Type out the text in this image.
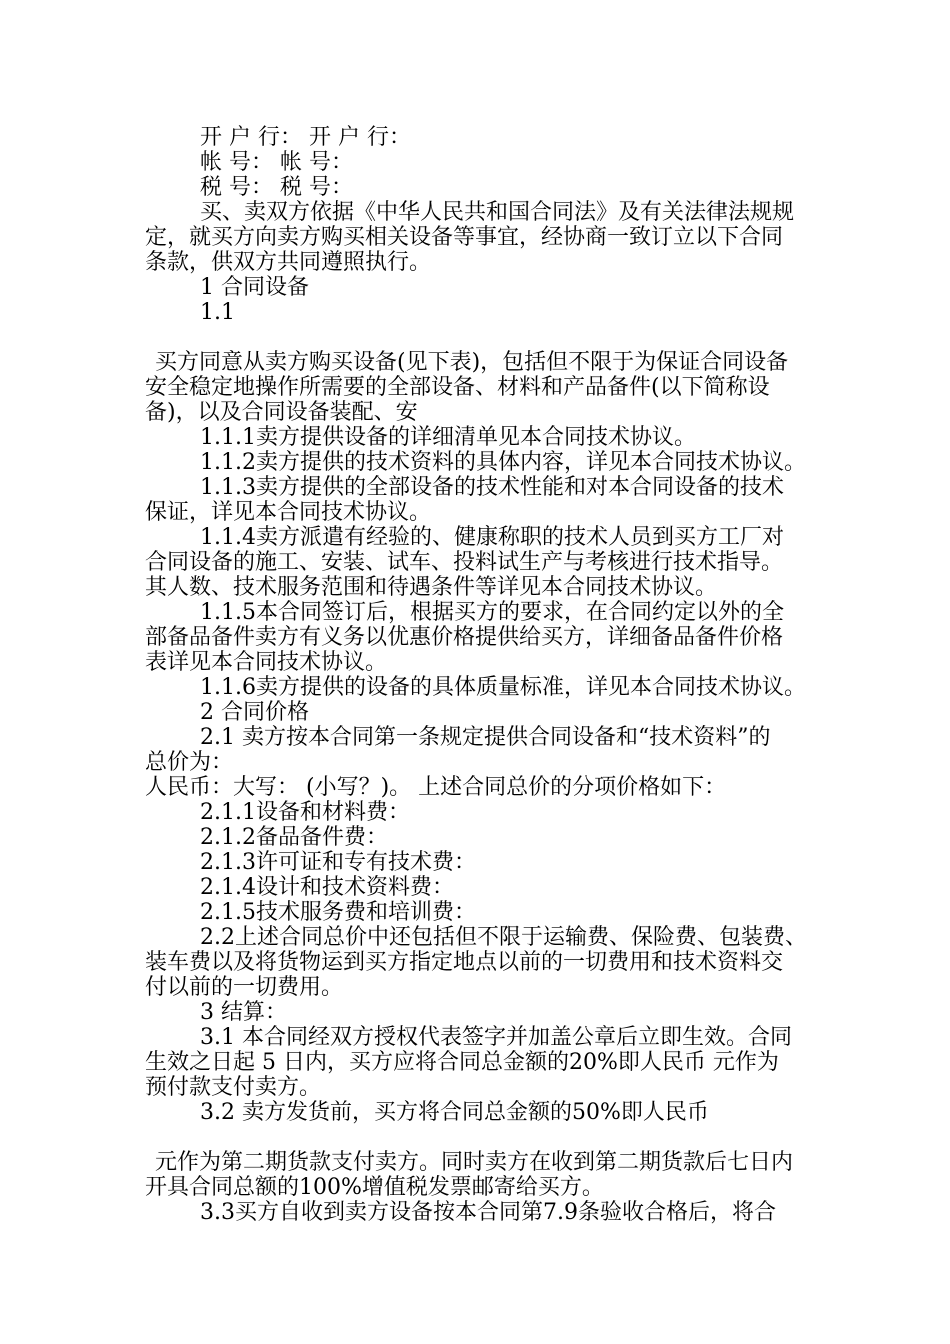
开 户 行： 开 户 行：
帐 号： 帐 号：
税 号： 税 号：
买、卖双方依据《中华人民共和国合同法》及有关法律法规规
定，就买方向卖方购买相关设备等事宜，经协商一致订立以下合同
条款，供双方共同遵照执行。
1 合同设备
1.1
买方同意从卖方购买设备(见下表)，包括但不限于为保证合同设备
安全稳定地操作所需要的全部设备、材料和产品备件(以下简称设
备)，以及合同设备装配、安
1.1.1卖方提供设备的详细清单见本合同技术协议。
1.1.2卖方提供的技术资料的具体内容，详见本合同技术协议。
1.1.3卖方提供的全部设备的技术性能和对本合同设备的技术
保证，详见本合同技术协议。
1.1.4卖方派遣有经验的、健康称职的技术人员到买方工厂对
合同设备的施工、安装、试车、投料试生产与考核进行技术指导。
其人数、技术服务范围和待遇条件等详见本合同技术协议。
1.1.5本合同签订后，根据买方的要求，在合同约定以外的全
部备品备件卖方有义务以优惠价格提供给买方，详细备品备件价格
表详见本合同技术协议。
1.1.6卖方提供的设备的具体质量标准，详见本合同技术协议。
2 合同价格
2.1 卖方按本合同第一条规定提供合同设备和“技术资料”的
总价为：
人民币：大写： (小写？)。 上述合同总价的分项价格如下：
2.1.1设备和材料费：
2.1.2备品备件费：
2.1.3许可证和专有技术费：
2.1.4设计和技术资料费：
2.1.5技术服务费和培训费：
2.2上述合同总价中还包括但不限于运输费、保险费、包装费、
装车费以及将货物运到买方指定地点以前的一切费用和技术资料交
付以前的一切费用。
3 结算：
3.1 本合同经双方授权代表签字并加盖公章后立即生效。合同
生效之日起 5 日内，买方应将合同总金额的20%即人民币 元作为
预付款支付卖方。
3.2 卖方发货前，买方将合同总金额的50%即人民币
元作为第二期货款支付卖方。同时卖方在收到第二期货款后七日内
开具合同总额的100%增值税发票邮寄给买方。
3.3买方自收到卖方设备按本合同第7.9条验收合格后，将合
